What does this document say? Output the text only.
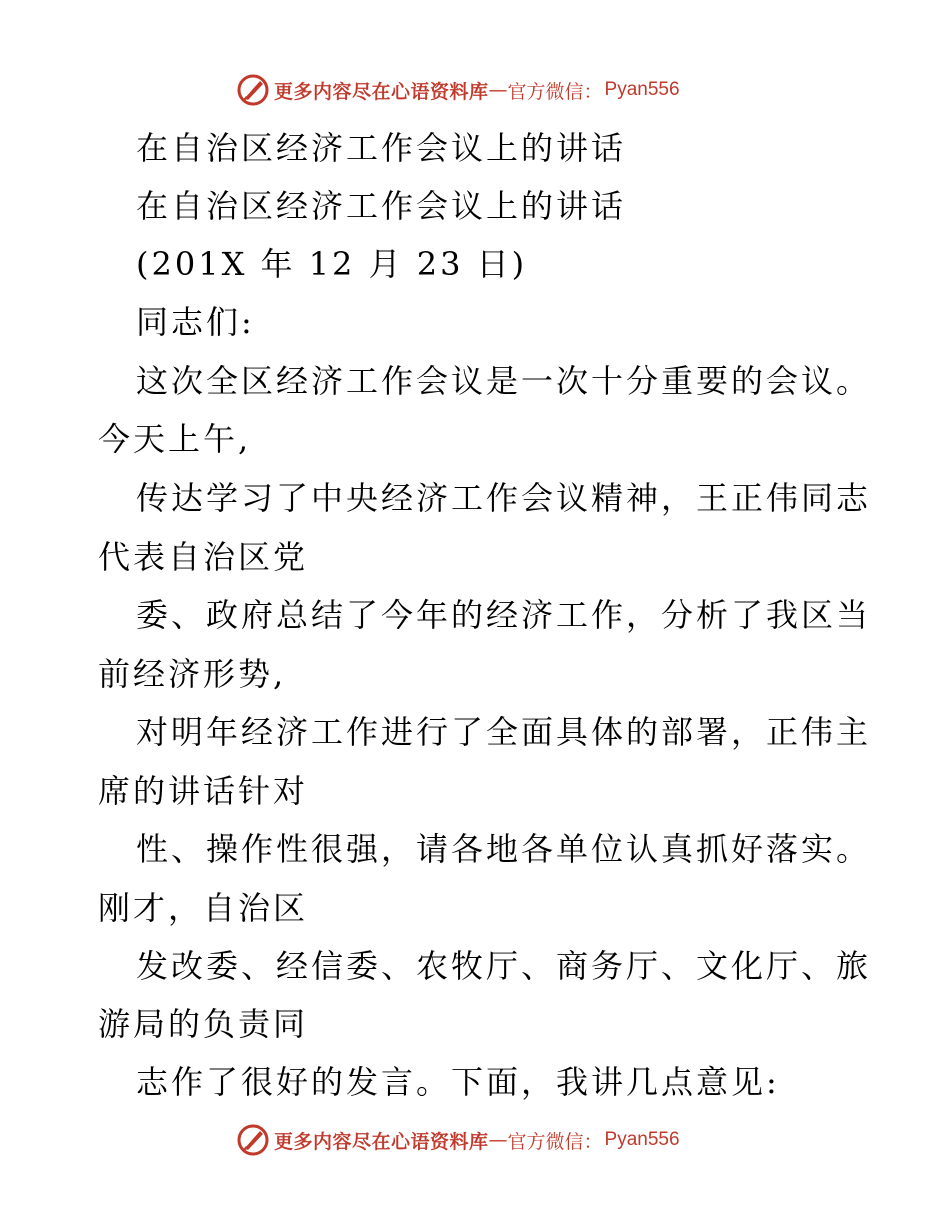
更多内容尽在心语资料库 — 官方微信： Pyan556
在自治区经济工作会议上的讲话
在自治区经济工作会议上的讲话
(201X 年 12 月 23 日)
同志们:
这次全区经济工作会议是一次十分重要的会议。
今天上午,
传达学习了中央经济工作会议精神，王正伟同志
代表自治区党
委、政府总结了今年的经济工作，分析了我区当
前经济形势,
对明年经济工作进行了全面具体的部署，正伟主
席的讲话针对
性、操作性很强，请各地各单位认真抓好落实。
刚才，自治区
发改委、经信委、农牧厅、商务厅、文化厅、旅
游局的负责同
志作了很好的发言。下面，我讲几点意见:
更多内容尽在心语资料库 — 官方微信： Pyan556
